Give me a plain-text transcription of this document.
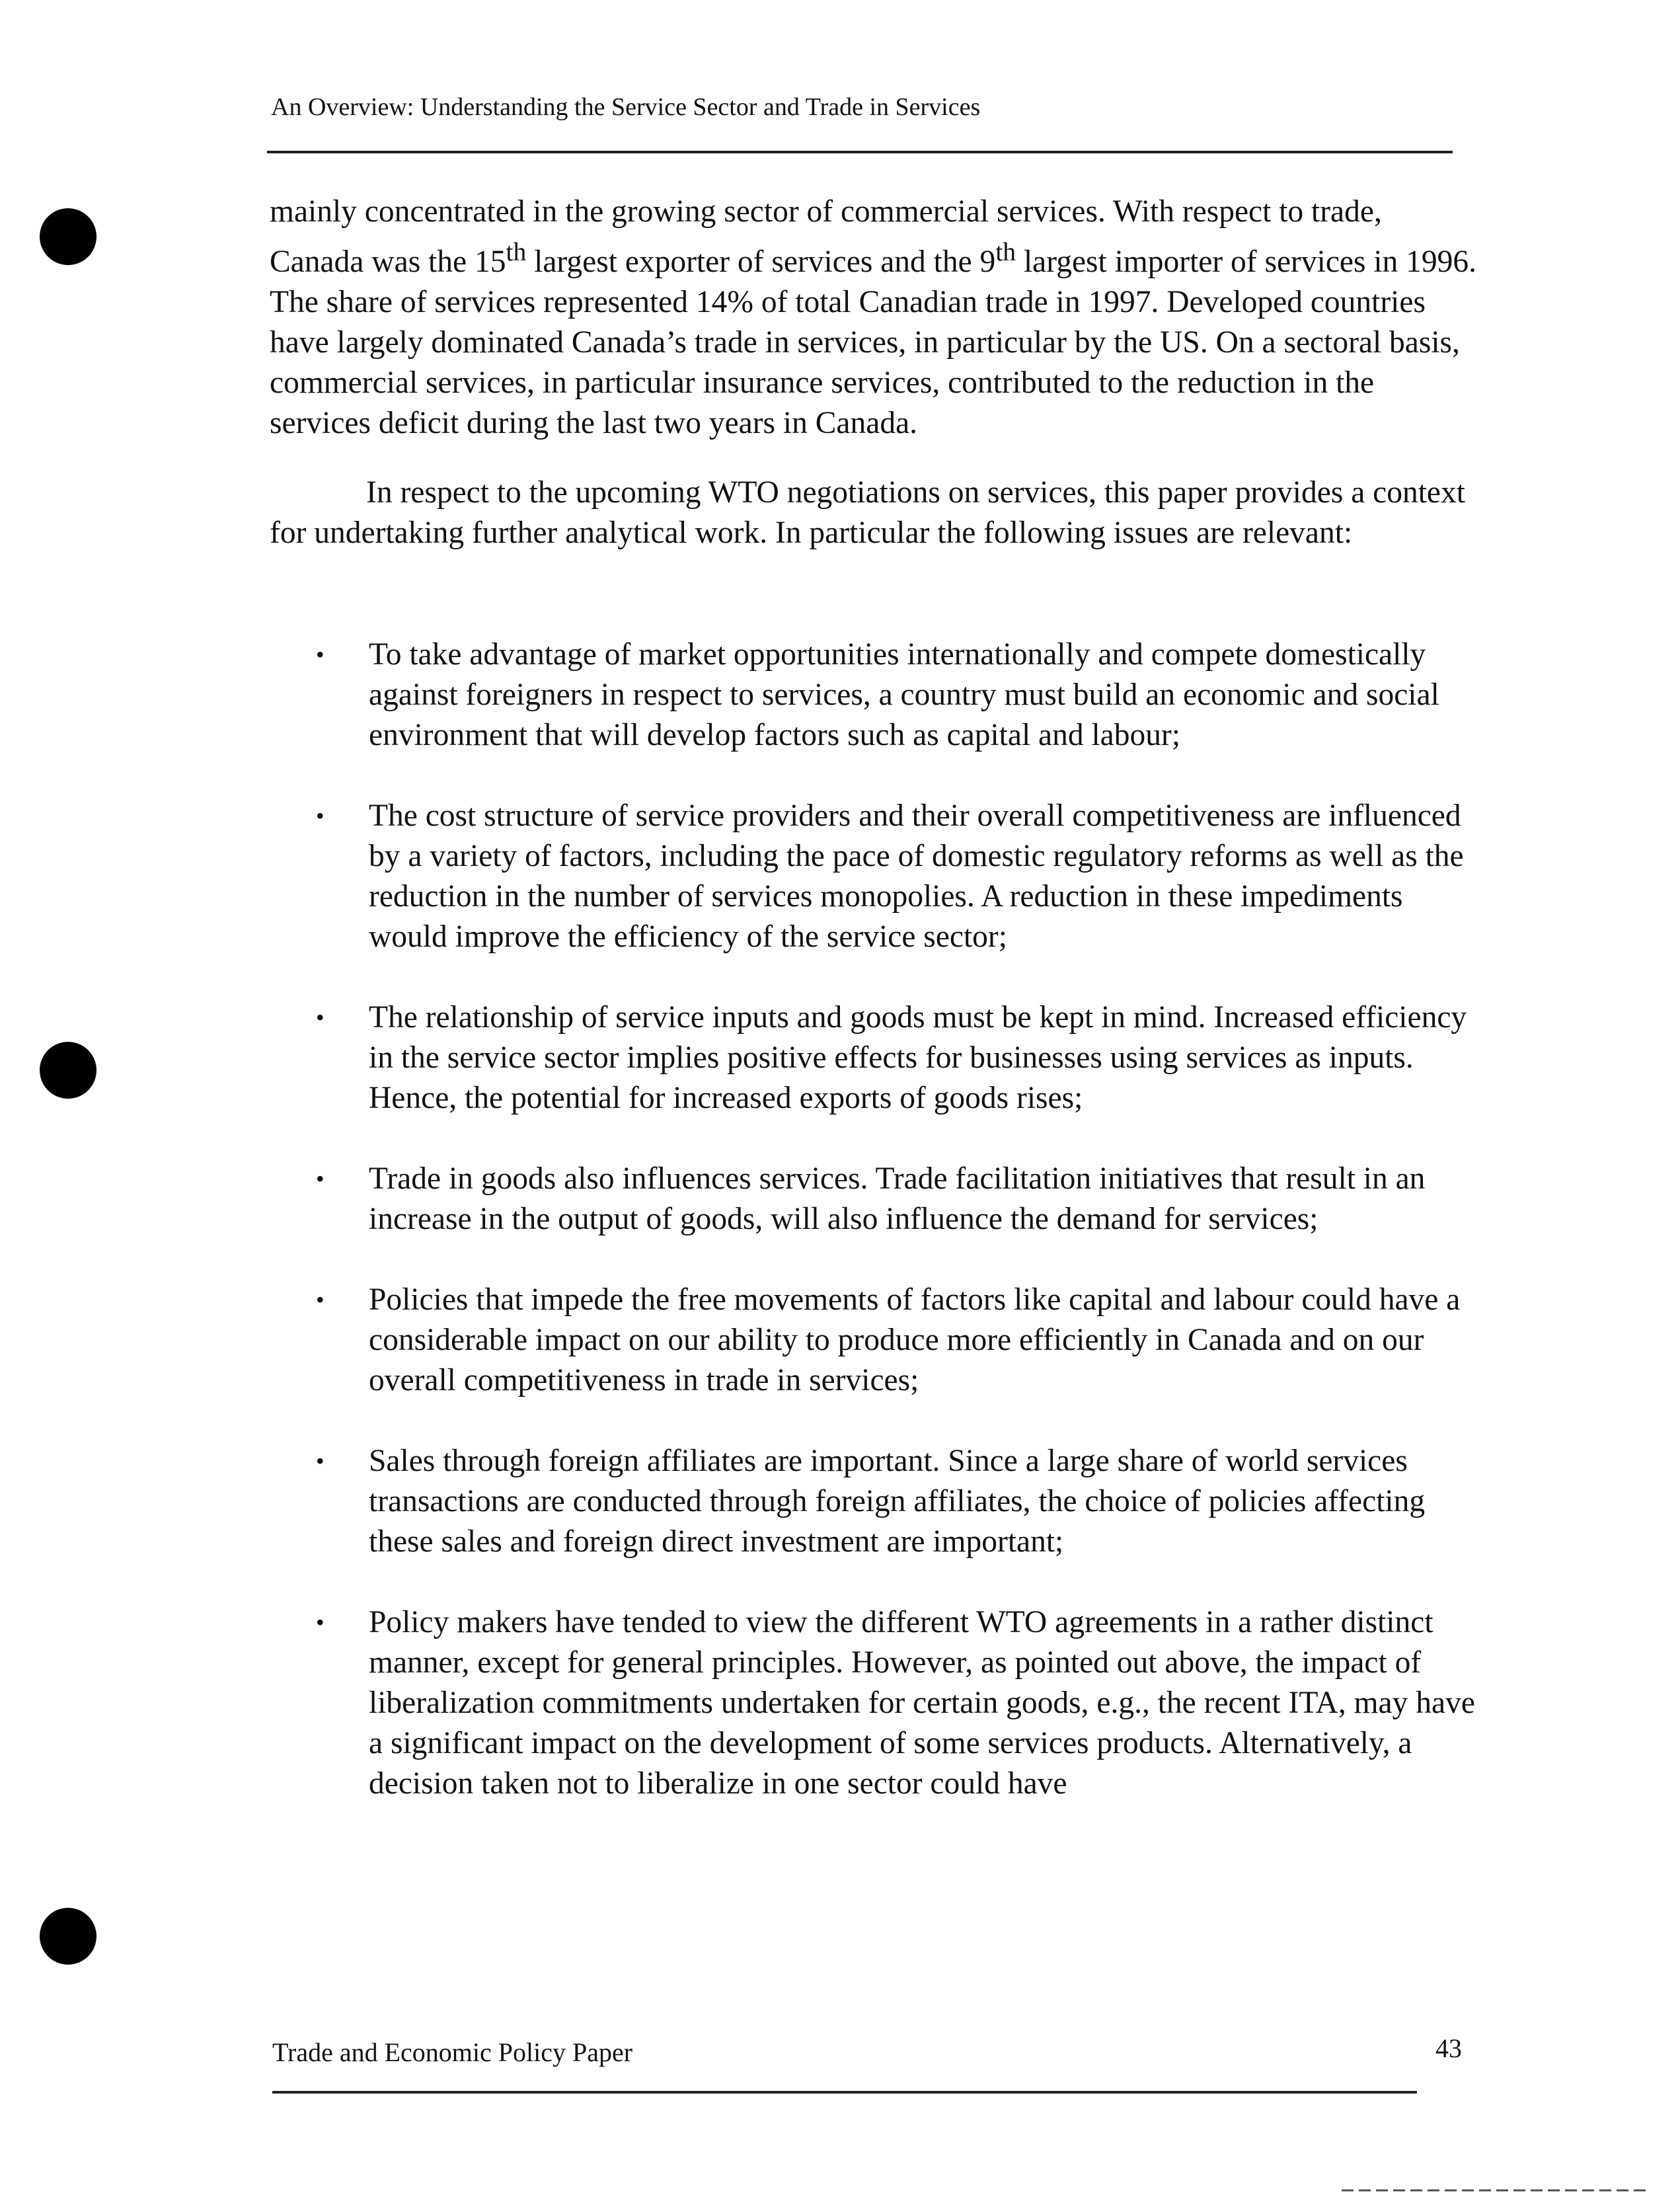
An Overview: Understanding the Service Sector and Trade in Services

mainly concentrated in the growing sector of commercial services. With respect to trade, Canada was the 15th largest exporter of services and the 9th largest importer of services in 1996. The share of services represented 14% of total Canadian trade in 1997. Developed countries have largely dominated Canada’s trade in services, in particular by the US. On a sectoral basis, commercial services, in particular insurance services, contributed to the reduction in the services deficit during the last two years in Canada.

In respect to the upcoming WTO negotiations on services, this paper provides a context for undertaking further analytical work. In particular the following issues are relevant:

• To take advantage of market opportunities internationally and compete domestically against foreigners in respect to services, a country must build an economic and social environment that will develop factors such as capital and labour;
• The cost structure of service providers and their overall competitiveness are influenced by a variety of factors, including the pace of domestic regulatory reforms as well as the reduction in the number of services monopolies. A reduction in these impediments would improve the efficiency of the service sector;
• The relationship of service inputs and goods must be kept in mind. Increased efficiency in the service sector implies positive effects for businesses using services as inputs. Hence, the potential for increased exports of goods rises;
• Trade in goods also influences services. Trade facilitation initiatives that result in an increase in the output of goods, will also influence the demand for services;
• Policies that impede the free movements of factors like capital and labour could have a considerable impact on our ability to produce more efficiently in Canada and on our overall competitiveness in trade in services;
• Sales through foreign affiliates are important. Since a large share of world services transactions are conducted through foreign affiliates, the choice of policies affecting these sales and foreign direct investment are important;
• Policy makers have tended to view the different WTO agreements in a rather distinct manner, except for general principles. However, as pointed out above, the impact of liberalization commitments undertaken for certain goods, e.g., the recent ITA, may have a significant impact on the development of some services products. Alternatively, a decision taken not to liberalize in one sector could have
Trade and Economic Policy Paper	43
